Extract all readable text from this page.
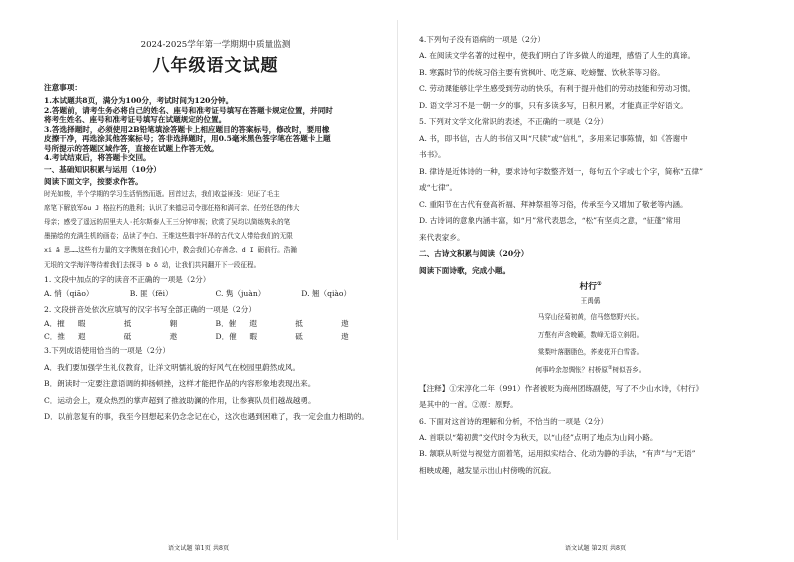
2024-2025学年第一学期期中质量监测
八年级语文试题
注意事项：
1.本试题共8页，满分为100分，考试时间为120分钟。
2.答题前，请考生务必将自己的姓名、座号和准考证号填写在答题卡规定位置，并同时
将考生姓名、座号和准考证号填写在试题规定的位置。
3.答选择题时，必须使用2B铅笔填涂答题卡上相应题目的答案标号，修改时，要用橡
皮擦干净，再选涂其他答案标号；答非选择题时，用0.5毫米黑色签字笔在答题卡上题
号所提示的答题区域作答，直接在试题上作答无效。
4.考试结束后，将答题卡交回。
一、基础知识积累与运用（10分）
阅读下面文字，按要求作答。
时光如梭，半个学期的学习生活悄然而逝。回首过去，我们收益匪浅：见证了毛主
席笔下解放军ōu J 格拉朽的胜利；认识了来德忌司令那任格和满可亲、任劳任怨的伟大
母亲；感受了遥远的居里夫人·托尔斯泰人王三分钟审视；欣赏了吴均以简练隽永的笔
墨描绘的充满生机的画卷；品读了李白、王维这些翡宇轩昂的古代文人带给我们的无限
xi ǎ 思……这些有力量的文字镌刻在我们心中，教会我们心存善念、d I 砺前行。浩瀚
无垠的文学海洋等待着我们去探寻 b ō 动，让我们共同翻开下一段征程。
1. 文段中加点的字的读音不正确的一项是（2分）
A. 悄（qiāo）	B. 匪（fěi）	C. 隽（juàn）	D. 翘（qiào）
2. 文段拼音处依次应填写的汉字书写全部正确的一项是（2分）
A．摧	暇	抵	翱	B．催	遐	抵	遨
C．推	遐	砥	遨	D．催	暇	砥	遨
3.下列成语使用恰当的一项是（2分）
A．我们要加强学生礼仪教育，让洋文明懦礼貌的好风气在校园里蔚然成风。
B．朗读时一定要注意语调的抑扬顿挫，这样才能把作品的内容形象地表现出来。
C．运动会上，观众热烈的掌声超到了推波助澜的作用，让参赛队员们越战越勇。
D．以前忽复有的事，我至今回想起来仍念念记在心，这次也遇到困难了，我一定会血力相助的。
语文试题 第1页 共8页
4.下列句子没有语病的一项是（2分）
A. 在阅读文学名著的过程中，使我们明白了许多做人的道理，感悟了人生的真谛。
B. 寒露时节的传统习俗主要有赏枫叶、吃芝麻、吃螃蟹、饮秋茶等习俗。
C. 劳动课能够让学生感受到劳动的快乐，有利于提升他们的劳动技能和劳动习惯。
D. 语文学习不是一朝一夕的事，只有多读多写，日积月累，才能真正学好语文。
5. 下列对文学文化常识的表述，不正确的一项是（2分）
A. 书，即书信，古人的书信又叫“尺牍”或“信札”，多用来记事陈情，如《答谢中
书书》。
B. 律诗是近体诗的一种，要求诗句字数整齐划一，每句五个字或七个字，简称“五律”
或“七律”。
C. 重阳节在古代有登高祈福、拜神祭祖等习俗，传承至今又增加了敬老等内涵。
D. 古诗词的意象内涵丰富，如“月”常代表思念，“松”有坚贞之意，“征蓬”常用
来代表家乡。
二、古诗文积累与阅读（20分）
阅读下面诗歌，完成小题。
村行①
王禹偁
马穿山径菊初黄，信马悠悠野兴长。
万壑有声含晚籁，数峰无语立斜阳。
棠梨叶落胭脂色，荞麦花开白雪香。
何事吟余忽惆怅？村桥原②树似吾乡。
【注释】①宋淳化二年（991）作者被贬为商州团练副使，写了不少山水诗，《村行》
是其中的一首。②原：原野。
6. 下面对这首诗的理解和分析，不恰当的一项是（2分）
A. 首联以“菊初黄”交代时令为秋天，以“山径”点明了地点为山间小路。
B. 颔联从听觉与视觉方面着笔，运用拟实结合、化动为静的手法，“有声”与“无语”
相映成趣，越发显示出山村傍晚的沉寂。
语文试题 第2页 共8页
